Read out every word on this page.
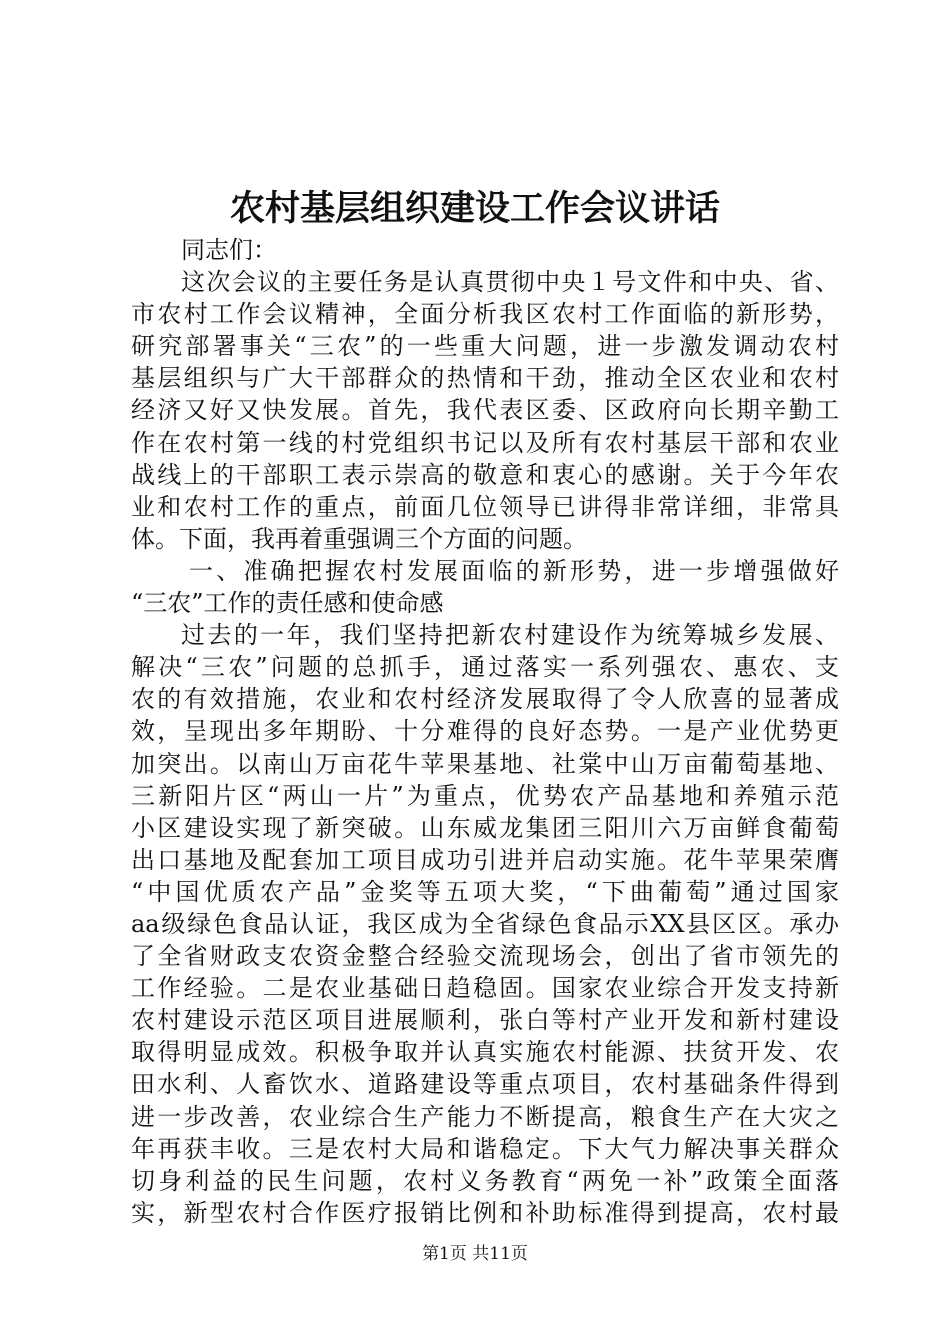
农村基层组织建设工作会议讲话
同志们：
这次会议的主要任务是认真贯彻中央１号文件和中央、省、
市农村工作会议精神，全面分析我区农村工作面临的新形势，
研究部署事关“三农”的一些重大问题，进一步激发调动农村
基层组织与广大干部群众的热情和干劲，推动全区农业和农村
经济又好又快发展。首先，我代表区委、区政府向长期辛勤工
作在农村第一线的村党组织书记以及所有农村基层干部和农业
战线上的干部职工表示崇高的敬意和衷心的感谢。关于今年农
业和农村工作的重点，前面几位领导已讲得非常详细，非常具
体。下面，我再着重强调三个方面的问题。
一、准确把握农村发展面临的新形势，进一步增强做好
“三农”工作的责任感和使命感
过去的一年，我们坚持把新农村建设作为统筹城乡发展、
解决“三农”问题的总抓手，通过落实一系列强农、惠农、支
农的有效措施，农业和农村经济发展取得了令人欣喜的显著成
效，呈现出多年期盼、十分难得的良好态势。一是产业优势更
加突出。以南山万亩花牛苹果基地、社棠中山万亩葡萄基地、
三新阳片区“两山一片”为重点，优势农产品基地和养殖示范
小区建设实现了新突破。山东威龙集团三阳川六万亩鲜食葡萄
出口基地及配套加工项目成功引进并启动实施。花牛苹果荣膺
“中国优质农产品”金奖等五项大奖，“下曲葡萄”通过国家
aa级绿色食品认证，我区成为全省绿色食品示XX县区区。承办
了全省财政支农资金整合经验交流现场会，创出了省市领先的
工作经验。二是农业基础日趋稳固。国家农业综合开发支持新
农村建设示范区项目进展顺利，张白等村产业开发和新村建设
取得明显成效。积极争取并认真实施农村能源、扶贫开发、农
田水利、人畜饮水、道路建设等重点项目，农村基础条件得到
进一步改善，农业综合生产能力不断提高，粮食生产在大灾之
年再获丰收。三是农村大局和谐稳定。下大气力解决事关群众
切身利益的民生问题，农村义务教育“两免一补”政策全面落
实，新型农村合作医疗报销比例和补助标准得到提高，农村最
第1页 共11页
